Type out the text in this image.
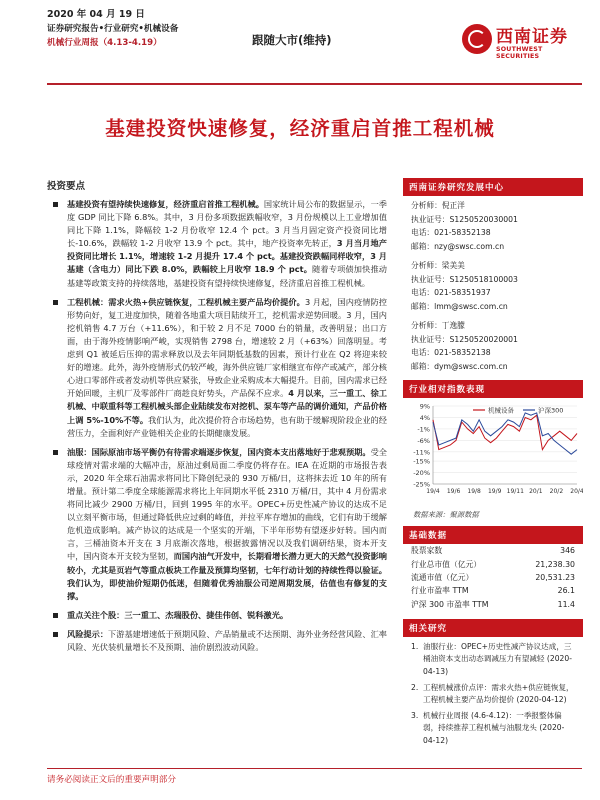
2020 年 04 月 19 日
证券研究报告•行业研究•机械设备
机械行业周报（4.13-4.19）	跟随大市(维持)	西南证券
SOUTHWEST SECURITIES
基建投资快速修复，经济重启首推工程机械
投资要点
基建投资有望持续快速修复，经济重启首推工程机械。国家统计局公布的数据显示，一季度 GDP 同比下降 6.8%。其中，3 月份多项数据跌幅收窄，3 月份规模以上工业增加值同比下降 1.1%，降幅较 1-2 月份收窄 12.4 个 pct。3 月当月固定资产投资同比增长-10.6%，跌幅较 1-2 月收窄 13.9 个 pct。其中，地产投资率先转正，3 月当月地产投资同比增长 1.1%，增速较 1-2 月提升 17.4 个 pct。基建投资跌幅同样收窄，3 月基建（含电力）同比下跌 8.0%，跌幅较上月收窄 18.9 个 pct。随着专项债加快推动基建等政策支持的持续落地，基建投资有望持续快速修复，经济重启首推工程机械。
工程机械：需求火热+供应链恢复，工程机械主要产品均价提价。3 月起，国内疫情防控形势向好，复工进度加快，随着各地重大项目陆续开工，挖机需求逆势回暖。3 月，国内挖机销售 4.7 万台（+11.6%），和于较 2 月不足 7000 台的销量，改善明显；出口方面，由于海外疫情影响严峻，实现销售 2798 台，增速较 2 月（+63%）回落明显。考虑到 Q1 被延后压抑的需求释放以及去年同期低基数的因素，预计行业在 Q2 将迎来较好的增速。此外，海外疫情形式仍较严峻，海外供应链厂家相继宣布停产或减产，部分核心进口零部件或者发动机等供应紧张，导致企业采购成本大幅提升。目前，国内需求已经开始回暖，主机厂及零部件厂商趁良好势头，产品保不应求。4 月以来，三一重工、徐工机械、中联重科等工程机械头部企业陆续发布对挖机、泵车等产品的调价通知，产品价格上调 5%-10%不等。我们认为，此次提价符合市场趋势，也有助于缓解现阶段企业的经营压力，全面利好产业链相关企业的长期健康发展。
油服：国际原油市场平衡仍有待需求端逐步恢复，国内资本支出落地好于悲观预期。受全球疫情对需求端的大幅冲击，原油过剩局面二季度仍将存在。IEA 在近期的市场报告表示，2020 年全球石油需求将同比下降创纪录的 930 万桶/日，这将抹去近 10 年的所有增量。预计第二季度全球能源需求将比上年同期水平低 2310 万桶/日，其中 4 月份需求将同比减少 2900 万桶/日，回到 1995 年的水平。OPEC+历史性减产协议的达成不足以立刻平衡市场，但通过降低供应过剩的峰值，并拉平库存增加的曲线，它们有助于缓解危机造成影响。减产协议的达成是一个坚实的开端，下半年形势有望逐步好转。国内而言，三桶油资本开支在 3 月底渐次落地，根据披露情况以及我们调研结果，资本开支中，国内资本开支较为坚韧，而国内油气开发中，长期看增长潜力更大的天然气投资影响较小，尤其是页岩气等重点板块工作量及预算均坚韧，七年行动计划的持续性得以验证。我们认为，即使油价短期仍低迷，但随着优秀油服公司逆周期发展，估值也有修复的支撑。
重点关注个股：三一重工、杰瑞股份、捷佳伟创、锐科激光。
风险提示：下游基建增速低于预期风险、产品销量或不达预期、海外业务经营风险、汇率风险、光伏装机量增长不及预期、油价剧烈波动风险。
西南证券研究发展中心
分析师：倪正洋
执业证号：S1250520030001
电话：021-58352138
邮箱：nzy@swsc.com.cn
分析师：梁美美
执业证号：S1250518100003
电话：021-58351937
邮箱：lmm@swsc.com.cn
分析师：丁逸朦
执业证号：S1250520020001
电话：021-58352138
邮箱：dym@swsc.com.cn
行业相对指数表现
9%
4%
-1%
-6%
-11%
-15%
-20%
-25%
19/4 19/6 19/8 19/9 19/11 20/1 20/2 20/4
机械设备	沪深300
数据来源：聚源数据
基础数据
股票家数	346
行业总市值（亿元）	21,238.30
流通市值（亿元）	20,531.23
行业市盈率 TTM	26.1
沪深 300 市盈率 TTM	11.4
相关研究
1. 油服行业：OPEC+历史性减产协议达成，三桶油资本支出动态调减压力有望减轻 (2020-04-13)
2. 工程机械涨价点评：需求火热+供应链恢复，工程机械主要产品均价提价 (2020-04-12)
3. 机械行业周报 (4.6-4.12)：一季报整体偏弱，持续推荐工程机械与油服龙头 (2020-04-12)
请务必阅读正文后的重要声明部分
